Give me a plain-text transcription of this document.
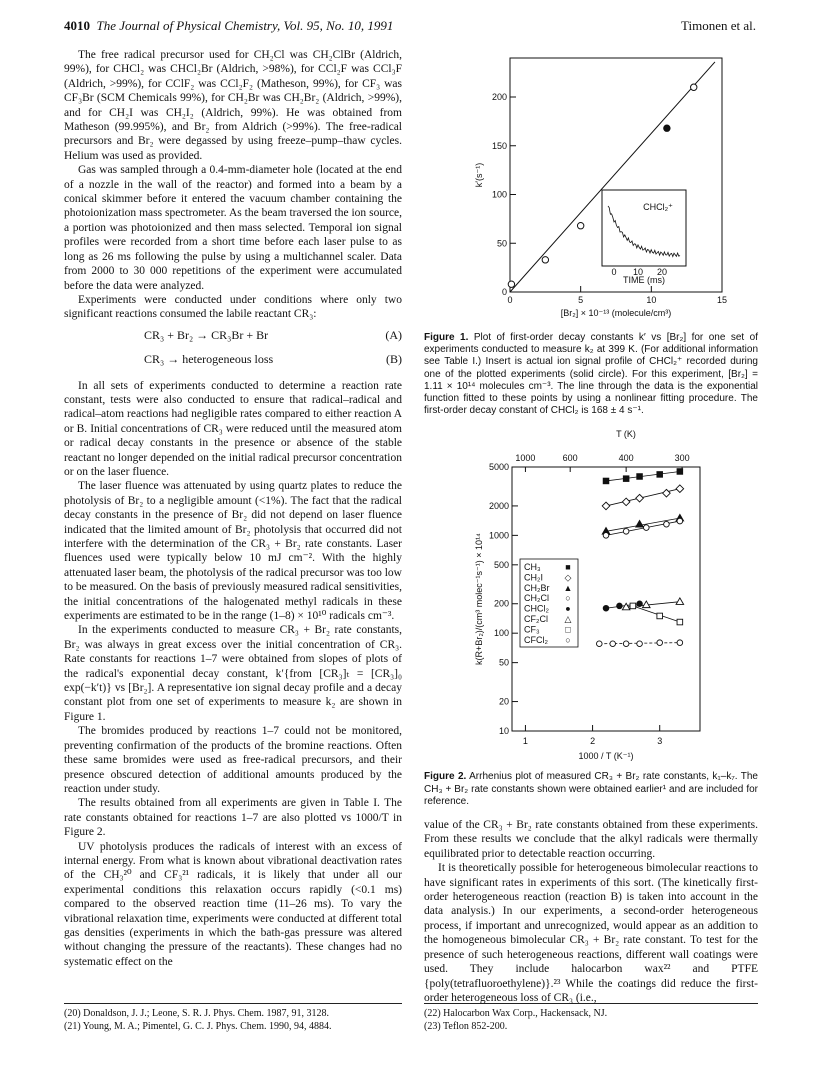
4010 The Journal of Physical Chemistry, Vol. 95, No. 10, 1991	Timonen et al.

The free radical precursor used for CH₂Cl was CH₂ClBr (Aldrich, 99%), for CHCl₂ was CHCl₂Br (Aldrich, >98%), for CCl₂F was CCl₃F (Aldrich, >99%), for CClF₂ was CCl₂F₂ (Matheson, 99%), for CF₃ was CF₃Br (SCM Chemicals 99%), for CH₂Br was CH₂Br₂ (Aldrich, >99%), and for CH₂I was CH₂I₂ (Aldrich, 99%). He was obtained from Matheson (99.995%), and Br₂ from Aldrich (>99%). The free-radical precursors and Br₂ were degassed by using freeze–pump–thaw cycles. Helium was used as provided.

Gas was sampled through a 0.4-mm-diameter hole (located at the end of a nozzle in the wall of the reactor) and formed into a beam by a conical skimmer before it entered the vacuum chamber containing the photoionization mass spectrometer. As the beam traversed the ion source, a portion was photoionized and then mass selected. Temporal ion signal profiles were recorded from a short time before each laser pulse to as long as 26 ms following the pulse by using a multichannel scaler. Data from 2000 to 30 000 repetitions of the experiment were accumulated before the data were analyzed.

Experiments were conducted under conditions where only two significant reactions consumed the labile reactant CR₃:

CR₃ + Br₂ → CR₃Br + Br	(A)
CR₃ → heterogeneous loss	(B)

In all sets of experiments conducted to determine a reaction rate constant, tests were also conducted to ensure that radical–radical and radical–atom reactions had negligible rates compared to either reaction A or B. Initial concentrations of CR₃ were reduced until the measured atom or radical decay constants in the presence or absence of the stable reactant no longer depended on the initial radical precursor concentration or on the laser fluence.

The laser fluence was attenuated by using quartz plates to reduce the photolysis of Br₂ to a negligible amount (<1%). The fact that the radical decay constants in the presence of Br₂ did not depend on laser fluence indicated that the limited amount of Br₂ photolysis that occurred did not interfere with the determination of the CR₃ + Br₂ rate constants. Laser fluences used were typically below 10 mJ cm⁻². With the highly attenuated laser beam, the photolysis of the radical precursor was too low to be measured. On the basis of previously measured radical sensitivities, the initial concentrations of the halogenated methyl radicals in these experiments are estimated to be in the range (1–8) × 10¹⁰ radicals cm⁻³.

In the experiments conducted to measure CR₃ + Br₂ rate constants, Br₂ was always in great excess over the initial concentration of CR₃. Rate constants for reactions 1–7 were obtained from slopes of plots of the radical's exponential decay constant, k′{from [CR₃]ₜ = [CR₃]₀ exp(−k′t)} vs [Br₂]. A representative ion signal decay profile and a decay constant plot from one set of experiments to measure k₂ are shown in Figure 1.

The bromides produced by reactions 1–7 could not be monitored, preventing confirmation of the products of the bromine reactions. Often these same bromides were used as free-radical precursors, and their presence obscured detection of additional amounts produced by the reaction under study.

The results obtained from all experiments are given in Table I. The rate constants obtained for reactions 1–7 are also plotted vs 1000/T in Figure 2.

UV photolysis produces the radicals of interest with an excess of internal energy. From what is known about vibrational deactivation rates of the CH₃²⁰ and CF₃²¹ radicals, it is likely that under all our experimental conditions this relaxation occurs rapidly (<0.1 ms) compared to the observed reaction time (11–26 ms). To vary the vibrational relaxation time, experiments were conducted at different total gas densities (experiments in which the bath-gas pressure was altered without changing the pressure of the reactants). These changes had no systematic effect on the

0
50
100
150
200
0	5	10	15
[Br₂] × 10⁻¹³ (molecule/cm³)
k′(s⁻¹)
CHCl₂⁺
0 10 20
TIME (ms)
Figure 1. Plot of first-order decay constants k′ vs [Br₂] for one set of experiments conducted to measure k₂ at 399 K. (For additional information see Table I.) Insert is actual ion signal profile of CHCl₂⁺ recorded during one of the plotted experiments (solid circle). For this experiment, [Br₂] = 1.11 × 10¹⁴ molecules cm⁻³. The line through the data is the exponential function fitted to these points by using a nonlinear fitting procedure. The first-order decay constant of CHCl₂ is 168 ± 4 s⁻¹.
T (K)
1000	600	400	300
10
20
50
100
200
500
1000
2000
5000
1	2	3
1000 / T (K⁻¹)
k(R+Br₂)/(cm³ molec⁻¹s⁻¹) × 10¹⁴	CH₃	■
CH₂I ◇
CH₂Br ▲
CH₂Cl ○
CHCl₂ ●
CF₂Cl △
CF₃	□
CFCl₂ ○
Figure 2. Arrhenius plot of measured CR₃ + Br₂ rate constants, k₁–k₇. The CH₃ + Br₂ rate constants shown were obtained earlier¹ and are included for reference.

value of the CR₃ + Br₂ rate constants obtained from these experiments. From these results we conclude that the alkyl radicals were thermally equilibrated prior to detectable reaction occurring.

It is theoretically possible for heterogeneous bimolecular reactions to have significant rates in experiments of this sort. (The kinetically first-order heterogeneous reaction (reaction B) is taken into account in the data analysis.) In our experiments, a second-order heterogeneous process, if important and unrecognized, would appear as an addition to the homogeneous bimolecular CR₃ + Br₂ rate constant. To test for the presence of such heterogeneous reactions, different wall coatings were used. They include halocarbon wax²² and PTFE {poly(tetrafluoroethylene)}.²³ While the coatings did reduce the first-order heterogeneous loss of CR₃ (i.e.,

(20) Donaldson, J. J.; Leone, S. R. J. Phys. Chem. 1987, 91, 3128.
(21) Young, M. A.; Pimentel, G. C. J. Phys. Chem. 1990, 94, 4884.
(22) Halocarbon Wax Corp., Hackensack, NJ.
(23) Teflon 852-200.
